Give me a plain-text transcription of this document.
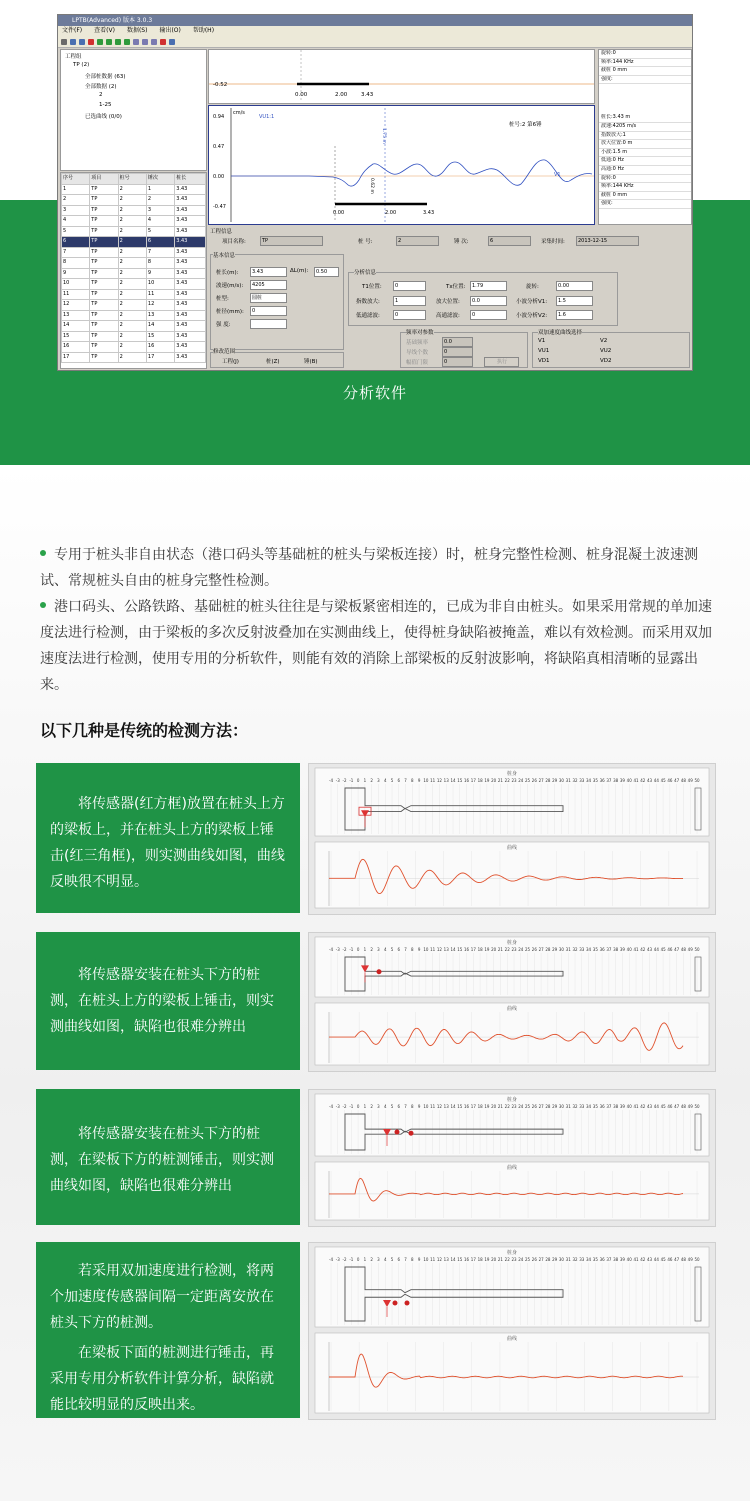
LPTB(Advanced) 版本 3.0.3
文件(F) 查看(V) 数据(S) 输出(O) 帮助(H)
工程组
TP (2)
全部桩数据 (63)
全部数据 (2)
2
1-25
已选曲线 (0/0)
序号	项目	桩号	锤次	桩长
1	TP	2	1	3.43
2	TP	2	2	3.43
3	TP	2	3	3.43
4	TP	2	4	3.43
5	TP	2	5	3.43
6	TP	2	6	3.43
7	TP	2	7	3.43
8	TP	2	8	3.43
9	TP	2	9	3.43
10	TP	2	10	3.43
11	TP	2	11	3.43
12	TP	2	12	3.43
13	TP	2	13	3.43
14	TP	2	14	3.43
15	TP	2	15	3.43
16	TP	2	16	3.43
17	TP	2	17	3.43
-0.52
0.00	2.00	3.43
cm/s
VU1:1
0.94
0.47
0.00
-0.47
桩号:2 第6锤
V1
1.75 m
0.62 m
0.00	2.00	3.43
旋转:0
频率:144 KHz
截桩 0 mm
强度:
桩长:3.43 m
波速:4205 m/s
指数放大:1
放大位置:0 m
小波:1.5 m
低通:0 Hz
高通:0 Hz
旋转:0
频率:144 KHz
截桩 0 mm
强度:
工程信息
项目名称:	TP	桩 号:	2	锤 次:	6	采集时间:	2013-12-15
基本信息
桩长(m):	3.43	ΔL(m):	0.50
波速(m/s):	4205
桩型:	圆桩
桩径(mm):	0
强 度:
修改范围
工程(J)	桩(Z)	锤(B)
分析信息
T1位置:	0	Tx位置:	1.79	旋转:	0.00
指数放大:	1	放大位置:	0.0	小波分析V1:	1.5
低通滤波:	0	高通滤波:	0	小波分析V2:	1.6
频率对参数
基础频率	0.0
导线个数	0
幅值门限	0	执行
双加速度曲线选择
V1	V2
VU1	VU2
VD1	VD2
分析软件
专用于桩头非自由状态（港口码头等基础桩的桩头与梁板连接）时，桩身完整性检测、桩身混凝土波速测试、常规桩头自由的桩身完整性检测。
港口码头、公路铁路、基础桩的桩头往往是与梁板紧密相连的，已成为非自由桩头。如果采用常规的单加速度法进行检测，由于梁板的多次反射波叠加在实测曲线上，使得桩身缺陷被掩盖，难以有效检测。而采用双加速度法进行检测，使用专用的分析软件，则能有效的消除上部梁板的反射波影响，将缺陷真相清晰的显露出来。
以下几种是传统的检测方法：
将传感器(红方框)放置在桩头上方的梁板上，并在桩头上方的梁板上锤击(红三角框)，则实测曲线如图，曲线反映很不明显。
将传感器安装在桩头下方的桩测，在桩头上方的梁板上锤击，则实测曲线如图，缺陷也很难分辨出
将传感器安装在桩头下方的桩测，在梁板下方的桩测锤击，则实测曲线如图，缺陷也很难分辨出

若采用双加速度进行检测，将两个加速度传感器间隔一定距离安放在桩头下方的桩测。

在梁板下面的桩测进行锤击，再采用专用分析软件计算分析，缺陷就能比较明显的反映出来。

桩身
-4 -3 -2 -1 0 1 2 3 4 5 6 7 8 9 10 11 12 13 14 15 16 17 18 19 20 21 22 23 24 25 26 27 28 29 30 31 32 33 34 35 36 37 38 39 40 41 42 43 44 45 46 47 48 49 50
曲线
桩身
-4 -3 -2 -1 0 1 2 3 4 5 6 7 8 9 10 11 12 13 14 15 16 17 18 19 20 21 22 23 24 25 26 27 28 29 30 31 32 33 34 35 36 37 38 39 40 41 42 43 44 45 46 47 48 49 50
曲线
桩身
-4 -3 -2 -1 0 1 2 3 4 5 6 7 8 9 10 11 12 13 14 15 16 17 18 19 20 21 22 23 24 25 26 27 28 29 30 31 32 33 34 35 36 37 38 39 40 41 42 43 44 45 46 47 48 49 50
曲线
桩身
-4 -3 -2 -1 0 1 2 3 4 5 6 7 8 9 10 11 12 13 14 15 16 17 18 19 20 21 22 23 24 25 26 27 28 29 30 31 32 33 34 35 36 37 38 39 40 41 42 43 44 45 46 47 48 49 50
曲线
